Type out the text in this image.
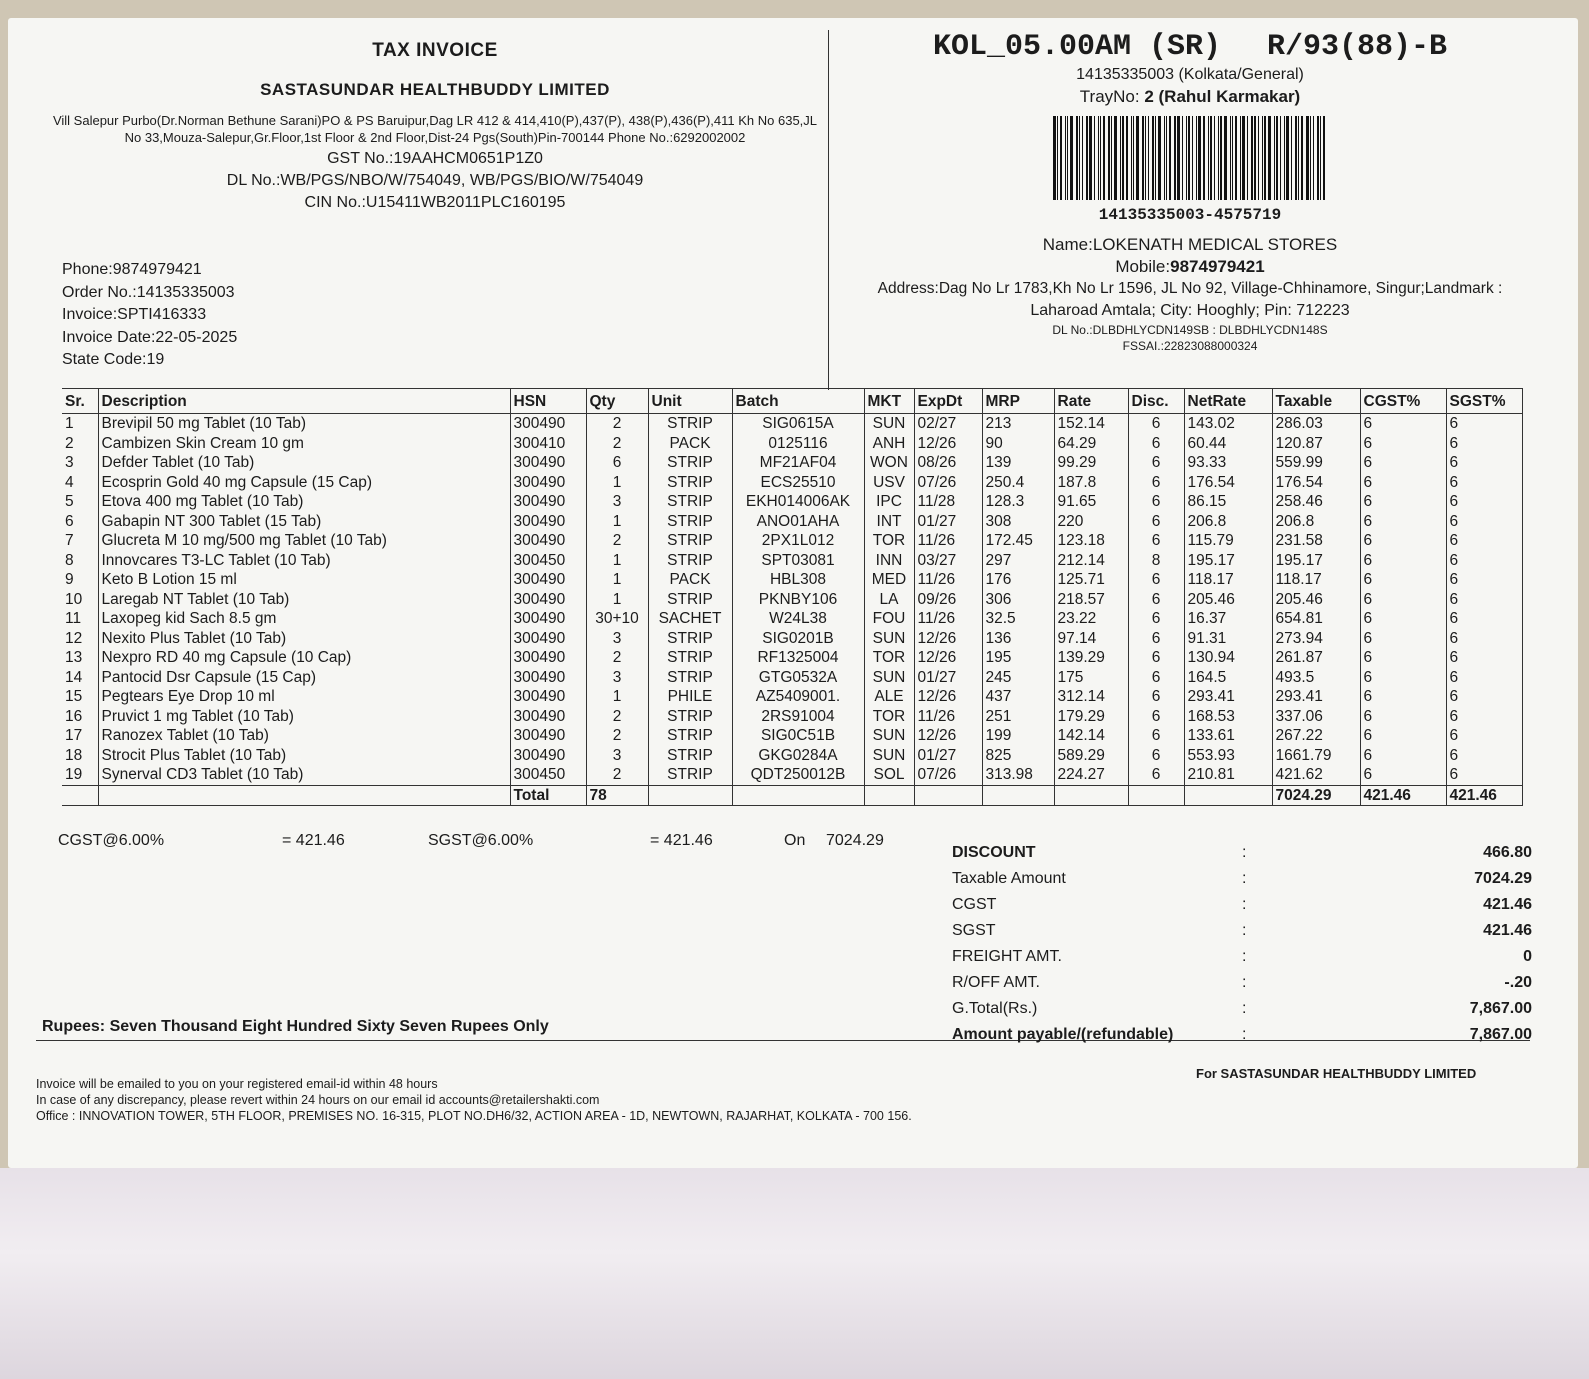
TAX INVOICE
SASTASUNDAR HEALTHBUDDY LIMITED
Vill Salepur Purbo(Dr.Norman Bethune Sarani)PO & PS Baruipur,Dag LR 412 & 414,410(P),437(P), 438(P),436(P),411 Kh No 635,JL No 33,Mouza-Salepur,Gr.Floor,1st Floor & 2nd Floor,Dist-24 Pgs(South)Pin-700144 Phone No.:6292002002
GST No.:19AAHCM0651P1Z0
DL No.:WB/PGS/NBO/W/754049, WB/PGS/BIO/W/754049
CIN No.:U15411WB2011PLC160195
Phone:9874979421
Order No.:14135335003
Invoice:SPTI416333
Invoice Date:22-05-2025
State Code:19
KOL_05.00AM (SR) R/93(88)-B
14135335003 (Kolkata/General)
TrayNo: 2 (Rahul Karmakar)
14135335003-4575719
Name:LOKENATH MEDICAL STORES
Mobile:9874979421
Address:Dag No Lr 1783,Kh No Lr 1596, JL No 92, Village-Chhinamore, Singur;Landmark :
Laharoad Amtala; City: Hooghly; Pin: 712223
DL No.:DLBDHLYCDN149SB : DLBDHLYCDN148S
FSSAI.:22823088000324
Sr.	Description	HSN	Qty	Unit	Batch	MKT	ExpDt	MRP	Rate	Disc.	NetRate	Taxable	CGST%	SGST%
1	Brevipil 50 mg Tablet (10 Tab)	300490	2	STRIP	SIG0615A	SUN	02/27	213	152.14	6	143.02	286.03	6	6
2	Cambizen Skin Cream 10 gm	300410	2	PACK	0125116	ANH	12/26	90	64.29	6	60.44	120.87	6	6
3	Defder Tablet (10 Tab)	300490	6	STRIP	MF21AF04	WON	08/26	139	99.29	6	93.33	559.99	6	6
4	Ecosprin Gold 40 mg Capsule (15 Cap)	300490	1	STRIP	ECS25510	USV	07/26	250.4	187.8	6	176.54	176.54	6	6
5	Etova 400 mg Tablet (10 Tab)	300490	3	STRIP	EKH014006AK	IPC	11/28	128.3	91.65	6	86.15	258.46	6	6
6	Gabapin NT 300 Tablet (15 Tab)	300490	1	STRIP	ANO01AHA	INT	01/27	308	220	6	206.8	206.8	6	6
7	Glucreta M 10 mg/500 mg Tablet (10 Tab)	300490	2	STRIP	2PX1L012	TOR	11/26	172.45	123.18	6	115.79	231.58	6	6
8	Innovcares T3-LC Tablet (10 Tab)	300450	1	STRIP	SPT03081	INN	03/27	297	212.14	8	195.17	195.17	6	6
9	Keto B Lotion 15 ml	300490	1	PACK	HBL308	MED	11/26	176	125.71	6	118.17	118.17	6	6
10	Laregab NT Tablet (10 Tab)	300490	1	STRIP	PKNBY106	LA	09/26	306	218.57	6	205.46	205.46	6	6
11	Laxopeg kid Sach 8.5 gm	300490	30+10	SACHET	W24L38	FOU	11/26	32.5	23.22	6	16.37	654.81	6	6
12	Nexito Plus Tablet (10 Tab)	300490	3	STRIP	SIG0201B	SUN	12/26	136	97.14	6	91.31	273.94	6	6
13	Nexpro RD 40 mg Capsule (10 Cap)	300490	2	STRIP	RF1325004	TOR	12/26	195	139.29	6	130.94	261.87	6	6
14	Pantocid Dsr Capsule (15 Cap)	300490	3	STRIP	GTG0532A	SUN	01/27	245	175	6	164.5	493.5	6	6
15	Pegtears Eye Drop 10 ml	300490	1	PHILE	AZ5409001.	ALE	12/26	437	312.14	6	293.41	293.41	6	6
16	Pruvict 1 mg Tablet (10 Tab)	300490	2	STRIP	2RS91004	TOR	11/26	251	179.29	6	168.53	337.06	6	6
17	Ranozex Tablet (10 Tab)	300490	2	STRIP	SIG0C51B	SUN	12/26	199	142.14	6	133.61	267.22	6	6
18	Strocit Plus Tablet (10 Tab)	300490	3	STRIP	GKG0284A	SUN	01/27	825	589.29	6	553.93	1661.79	6	6
19	Synerval CD3 Tablet (10 Tab)	300450	2	STRIP	QDT250012B	SOL	07/26	313.98	224.27	6	210.81	421.62	6	6
		Total	78									7024.29	421.46	421.46
CGST@6.00%	= 421.46	SGST@6.00%	= 421.46	On 7024.29
DISCOUNT	:	466.80
Taxable Amount	:	7024.29
CGST	:	421.46
SGST	:	421.46
FREIGHT AMT.	:	0
R/OFF AMT.	:	-.20
G.Total(Rs.)	:	7,867.00
Amount payable/(refundable)	:	7,867.00
Rupees: Seven Thousand Eight Hundred Sixty Seven Rupees Only
For SASTASUNDAR HEALTHBUDDY LIMITED
Invoice will be emailed to you on your registered email-id within 48 hours
In case of any discrepancy, please revert within 24 hours on our email id accounts@retailershakti.com
Office : INNOVATION TOWER, 5TH FLOOR, PREMISES NO. 16-315, PLOT NO.DH6/32, ACTION AREA - 1D, NEWTOWN, RAJARHAT, KOLKATA - 700 156.
